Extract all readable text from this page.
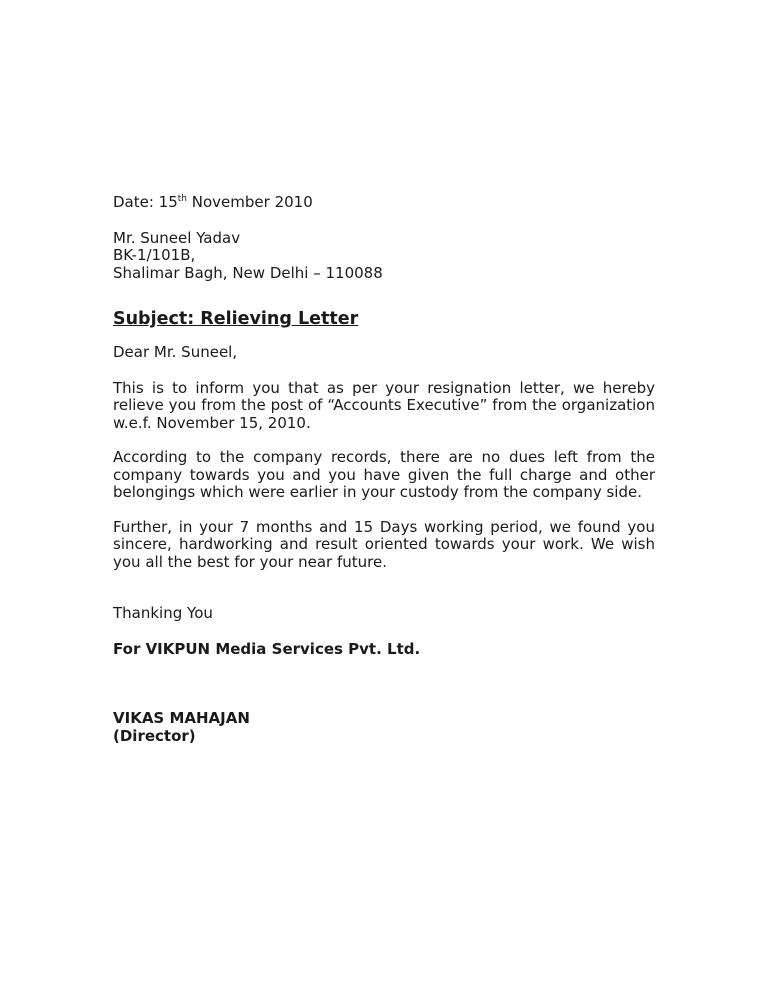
Date: 15th November 2010

Mr. Suneel Yadav

BK-1/101B,

Shalimar Bagh, New Delhi – 110088

Subject: Relieving Letter

Dear Mr. Suneel,

This is to inform you that as per your resignation letter, we hereby relieve you from the post of “Accounts Executive” from the organization w.e.f. November 15, 2010.

According to the company records, there are no dues left from the company towards you and you have given the full charge and other belongings which were earlier in your custody from the company side.

Further, in your 7 months and 15 Days working period, we found you sincere, hardworking and result oriented towards your work. We wish you all the best for your near future.

Thanking You

For VIKPUN Media Services Pvt. Ltd.

VIKAS MAHAJAN

(Director)
